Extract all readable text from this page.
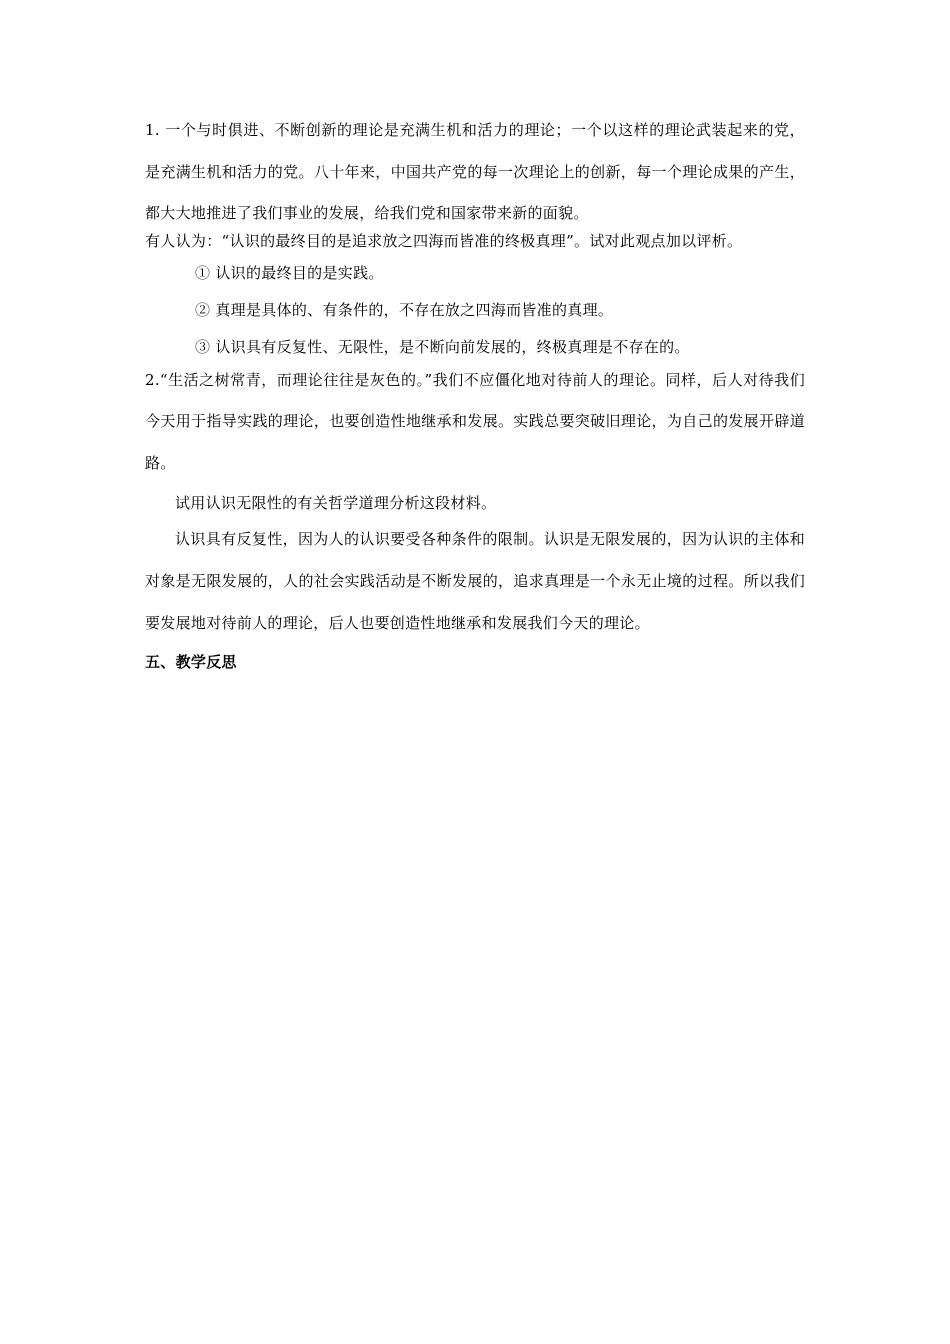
1. 一个与时俱进、不断创新的理论是充满生机和活力的理论；一个以这样的理论武装起来的党，是充满生机和活力的党。八十年来，中国共产党的每一次理论上的创新，每一个理论成果的产生，都大大地推进了我们事业的发展，给我们党和国家带来新的面貌。

有人认为：“认识的最终目的是追求放之四海而皆准的终极真理”。试对此观点加以评析。

① 认识的最终目的是实践。

② 真理是具体的、有条件的，不存在放之四海而皆准的真理。

③ 认识具有反复性、无限性，是不断向前发展的，终极真理是不存在的。

2.“生活之树常青，而理论往往是灰色的。”我们不应僵化地对待前人的理论。同样，后人对待我们今天用于指导实践的理论，也要创造性地继承和发展。实践总要突破旧理论，为自己的发展开辟道路。

试用认识无限性的有关哲学道理分析这段材料。

认识具有反复性，因为人的认识要受各种条件的限制。认识是无限发展的，因为认识的主体和对象是无限发展的，人的社会实践活动是不断发展的，追求真理是一个永无止境的过程。所以我们要发展地对待前人的理论，后人也要创造性地继承和发展我们今天的理论。

五、教学反思
